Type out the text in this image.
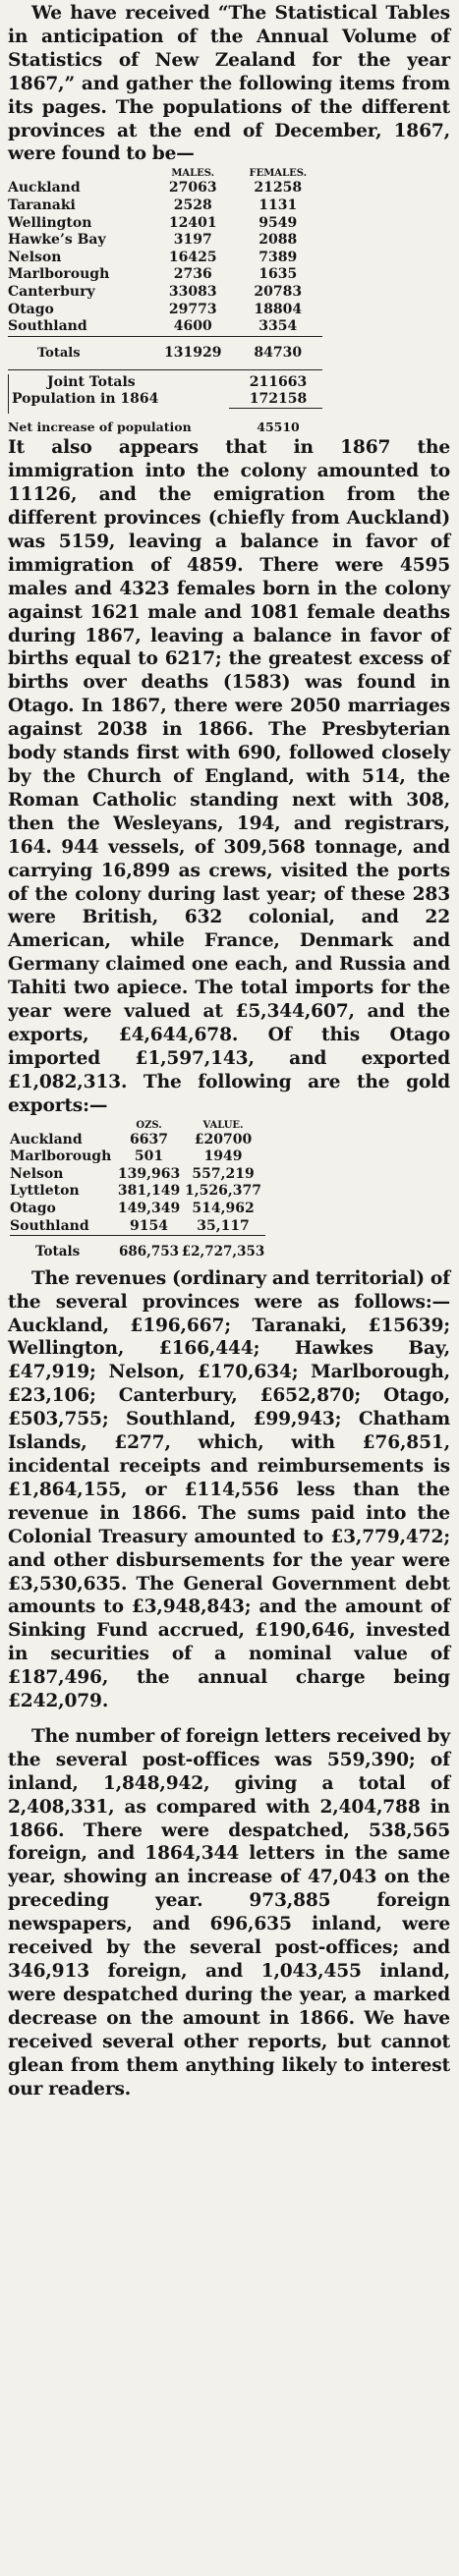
We have received “The Statistical Tables in anticipation of the Annual Volume of Statistics of New Zealand for the year 1867,” and gather the following items from its pages. The populations of the different provinces at the end of December, 1867, were found to be—

	MALES.	FEMALES.
Auckland	27063	21258
Taranaki	2528	1131
Wellington	12401	9549
Hawke’s Bay	3197	2088
Nelson	16425	7389
Marlborough	2736	1635
Canterbury	33083	20783
Otago	29773	18804
Southland	4600	3354
Totals	131929	84730
Joint Totals	211663
Population in 1864	172158
Net increase of population	45510

It also appears that in 1867 the immigration into the colony amounted to 11126, and the emigration from the different provinces (chiefly from Auckland) was 5159, leaving a balance in favor of immigration of 4859. There were 4595 males and 4323 females born in the colony against 1621 male and 1081 female deaths during 1867, leaving a balance in favor of births equal to 6217; the greatest excess of births over deaths (1583) was found in Otago. In 1867, there were 2050 marriages against 2038 in 1866. The Presbyterian body stands first with 690, followed closely by the Church of England, with 514, the Roman Catholic standing next with 308, then the Wesleyans, 194, and registrars, 164. 944 vessels, of 309,568 tonnage, and carrying 16,899 as crews, visited the ports of the colony during last year; of these 283 were British, 632 colonial, and 22 American, while France, Denmark and Germany claimed one each, and Russia and Tahiti two apiece. The total imports for the year were valued at £5,344,607, and the exports, £4,644,678. Of this Otago imported £1,597,143, and exported £1,082,313. The following are the gold exports:—

	OZS.	VALUE.
Auckland	6637	£20700
Marlborough	501	1949
Nelson	139,963	557,219
Lyttleton	381,149	1,526,377
Otago	149,349	514,962
Southland	9154	35,117
Totals	686,753	£2,727,353

The revenues (ordinary and territorial) of the several provinces were as follows:—Auckland, £196,667; Taranaki, £15639; Wellington, £166,444; Hawkes Bay, £47,919; Nelson, £170,634; Marlborough, £23,106; Canterbury, £652,870; Otago, £503,755; Southland, £99,943; Chatham Islands, £277, which, with £76,851, incidental receipts and reimbursements is £1,864,155, or £114,556 less than the revenue in 1866. The sums paid into the Colonial Treasury amounted to £3,779,472; and other disbursements for the year were £3,530,635. The General Government debt amounts to £3,948,843; and the amount of Sinking Fund accrued, £190,646, invested in securities of a nominal value of £187,496, the annual charge being £242,079.

The number of foreign letters received by the several post-offices was 559,390; of inland, 1,848,942, giving a total of 2,408,331, as compared with 2,404,788 in 1866. There were despatched, 538,565 foreign, and 1864,344 letters in the same year, showing an increase of 47,043 on the preceding year. 973,885 foreign newspapers, and 696,635 inland, were received by the several post-offices; and 346,913 foreign, and 1,043,455 inland, were despatched during the year, a marked decrease on the amount in 1866. We have received several other reports, but cannot glean from them anything likely to interest our readers.
